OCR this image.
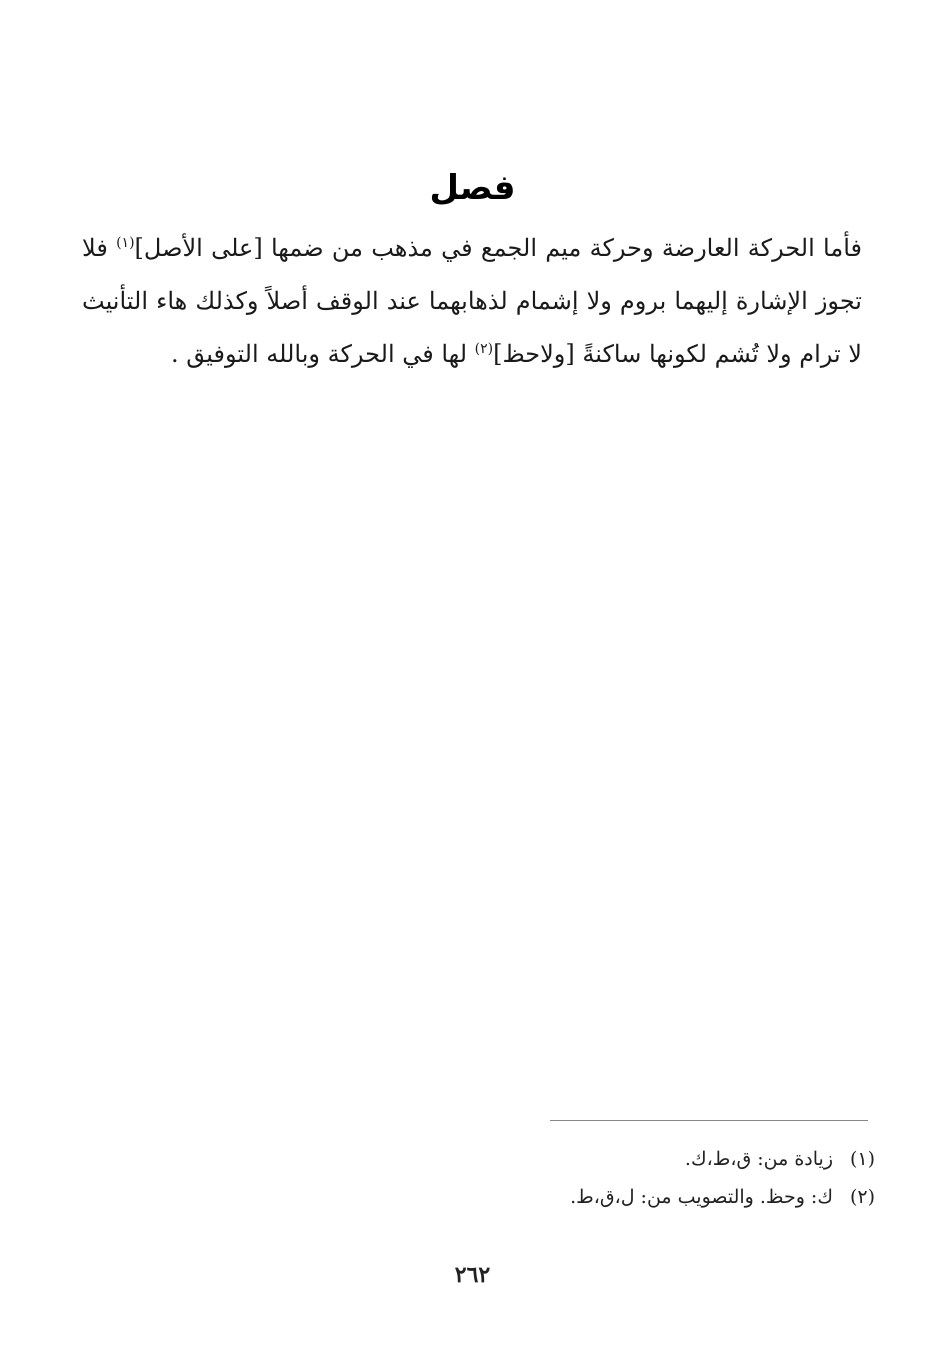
فصل
فأما الحركة العارضة وحركة ميم الجمع في مذهب من ضمها [على الأصل]$^{(١)}$ فلا تجوز الإشارة إليهما بروم ولا إشمام لذهابهما عند الوقف أصلاً وكذلك هاء التأنيث لا ترام ولا تُشم لكونها ساكنةً [ولاحظ]$^{(٢)}$ لها في الحركة وبالله التوفيق .
(١)
زيادة من: ق،ط،ك.
(٢)
ك: وحظ. والتصويب من: ل،ق،ط.
٢٦٢
